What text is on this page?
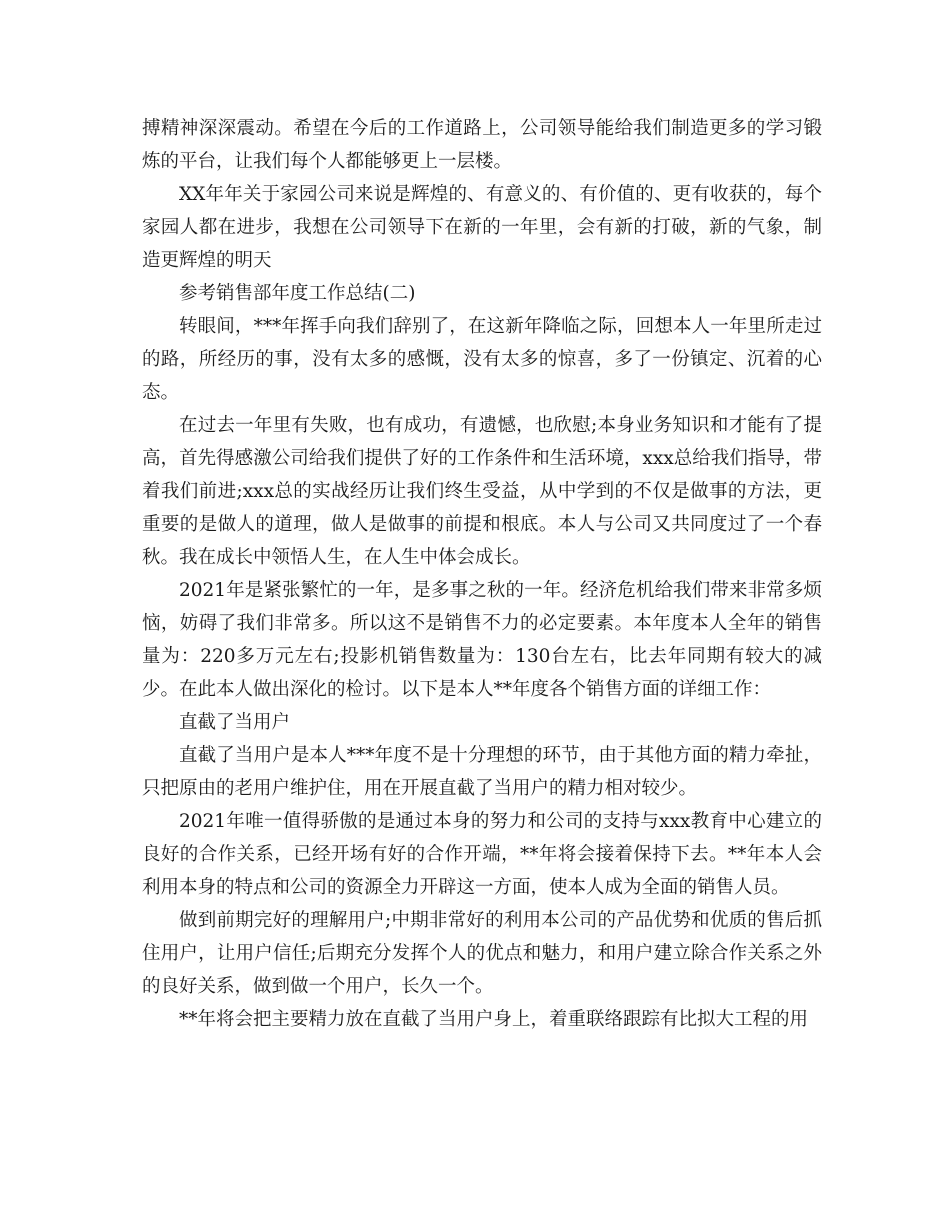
搏精神深深震动。希望在今后的工作道路上，公司领导能给我们制造更多的学习锻炼的平台，让我们每个人都能够更上一层楼。

XX年年关于家园公司来说是辉煌的、有意义的、有价值的、更有收获的，每个家园人都在进步，我想在公司领导下在新的一年里，会有新的打破，新的气象，制造更辉煌的明天

参考销售部年度工作总结(二)

转眼间，***年挥手向我们辞别了，在这新年降临之际，回想本人一年里所走过的路，所经历的事，没有太多的感慨，没有太多的惊喜，多了一份镇定、沉着的心态。

在过去一年里有失败，也有成功，有遗憾，也欣慰;本身业务知识和才能有了提高，首先得感激公司给我们提供了好的工作条件和生活环境，xxx总给我们指导，带着我们前进;xxx总的实战经历让我们终生受益，从中学到的不仅是做事的方法，更重要的是做人的道理，做人是做事的前提和根底。本人与公司又共同度过了一个春秋。我在成长中领悟人生，在人生中体会成长。

2021年是紧张繁忙的一年，是多事之秋的一年。经济危机给我们带来非常多烦恼，妨碍了我们非常多。所以这不是销售不力的必定要素。本年度本人全年的销售量为：220多万元左右;投影机销售数量为：130台左右，比去年同期有较大的减少。在此本人做出深化的检讨。以下是本人**年度各个销售方面的详细工作：

直截了当用户

直截了当用户是本人***年度不是十分理想的环节，由于其他方面的精力牵扯，只把原由的老用户维护住，用在开展直截了当用户的精力相对较少。

2021年唯一值得骄傲的是通过本身的努力和公司的支持与xxx教育中心建立的良好的合作关系，已经开场有好的合作开端，**年将会接着保持下去。**年本人会利用本身的特点和公司的资源全力开辟这一方面，使本人成为全面的销售人员。

做到前期完好的理解用户;中期非常好的利用本公司的产品优势和优质的售后抓住用户，让用户信任;后期充分发挥个人的优点和魅力，和用户建立除合作关系之外的良好关系，做到做一个用户，长久一个。

**年将会把主要精力放在直截了当用户身上，着重联络跟踪有比拟大工程的用
